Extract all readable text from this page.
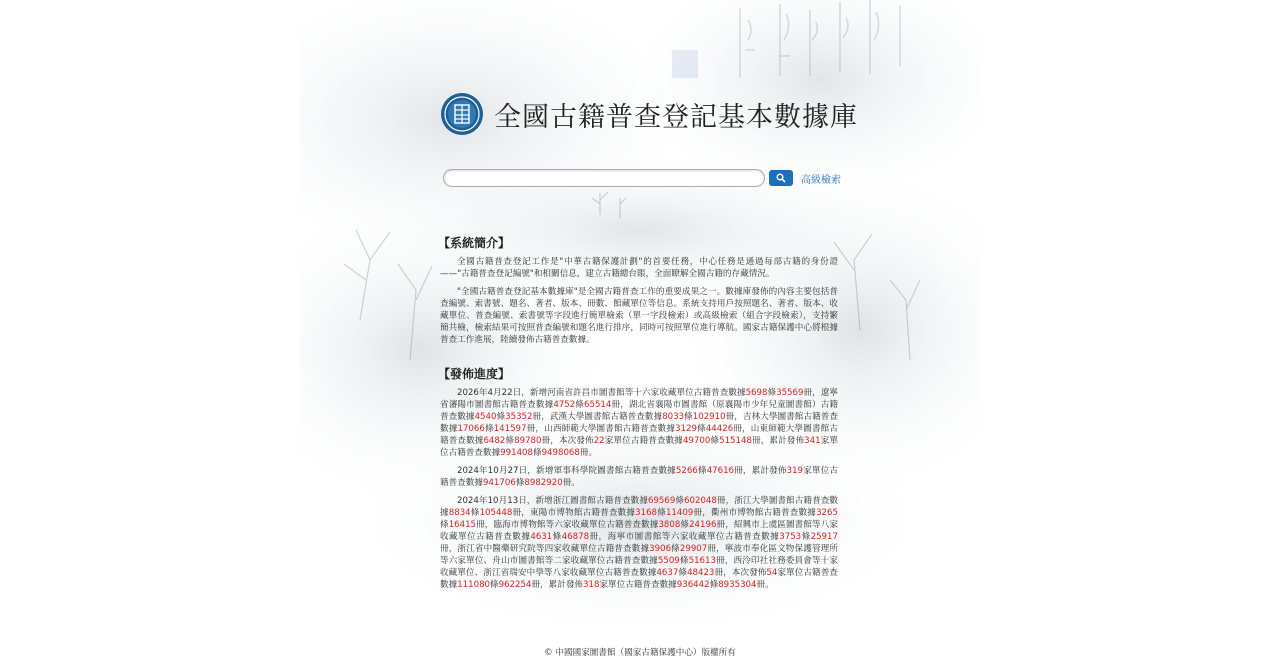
全國古籍普查登記基本數據庫
高級檢索
【系統簡介】

全國古籍普查登記工作是"中華古籍保護計劃"的首要任務，中心任務是通過每部古籍的身份證——"古籍普查登記編號"和相關信息，建立古籍總台賬，全面瞭解全國古籍的存藏情況。

"全國古籍普查登記基本數據庫"是全國古籍普查工作的重要成果之一。數據庫發佈的內容主要包括普查編號、索書號、題名、著者、版本、冊數、館藏單位等信息。系統支持用戶按照題名、著者、版本、收藏單位、普查編號、索書號等字段進行簡單檢索（單一字段檢索）或高級檢索（組合字段檢索），支持繁簡共檢，檢索結果可按照普查編號和題名進行排序，同時可按照單位進行導航。國家古籍保護中心將根據普查工作進展，陸續發佈古籍普查數據。

【發佈進度】

2026年4月22日，新增河南省許昌市圖書館等十六家收藏單位古籍普查數據5698條35569冊，遼寧省瀋陽市圖書館古籍普查數據4752條65514冊，湖北省襄陽市圖書館（原襄陽市少年兒童圖書館）古籍普查數據4540條35352冊，武漢大學圖書館古籍普查數據8033條102910冊，吉林大學圖書館古籍普查數據17066條141597冊，山西師範大學圖書館古籍普查數據3129條44426冊，山東師範大學圖書館古籍普查數據6482條89780冊，本次發佈22家單位古籍普查數據49700條515148冊，累計發佈341家單位古籍普查數據991408條9498068冊。

2024年10月27日，新增軍事科學院圖書館古籍普查數據5266條47616冊，累計發佈319家單位古籍普查數據941706條8982920冊。

2024年10月13日，新增浙江圖書館古籍普查數據69569條602048冊，浙江大學圖書館古籍普查數據8834條105448冊，東陽市博物館古籍普查數據3168條11409冊，衢州市博物館古籍普查數據3265條16415冊，臨海市博物館等六家收藏單位古籍普查數據3808條24196冊，紹興市上虞區圖書館等八家收藏單位古籍普查數據4631條46878冊，海寧市圖書館等六家收藏單位古籍普查數據3753條25917冊，浙江省中醫藥研究院等四家收藏單位古籍普查數據3906條29907冊，寧波市奉化區文物保護管理所等六家單位、舟山市圖書館等二家收藏單位古籍普查數據5509條51613冊，西泠印社社務委員會等十家收藏單位、浙江省瑞安中學等八家收藏單位古籍普查數據4637條48423冊，本次發佈54家單位古籍普查數據111080條962254冊，累計發佈318家單位古籍普查數據936442條8935304冊。

© 中國國家圖書館（國家古籍保護中心）版權所有
